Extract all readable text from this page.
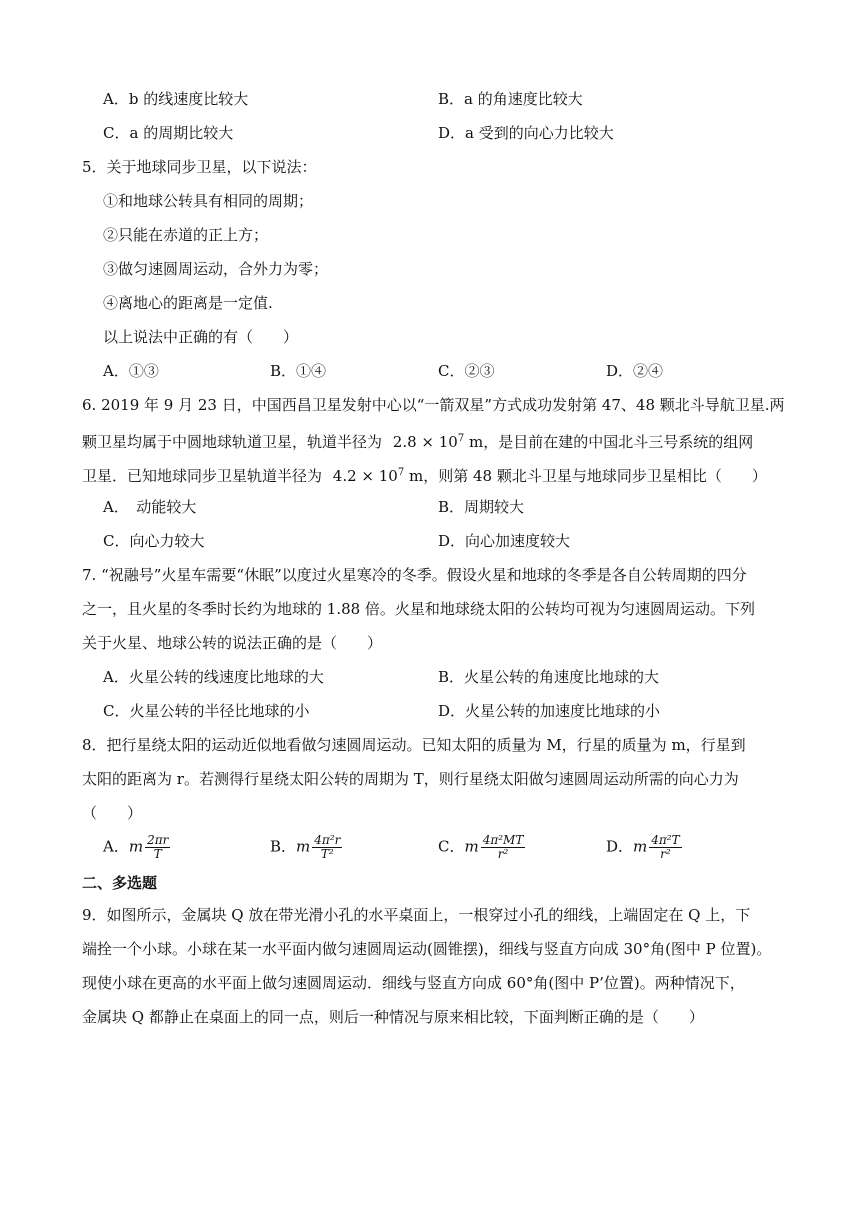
A．b 的线速度比较大	B．a 的角速度比较大
C．a 的周期比较大	D．a 受到的向心力比较大
5．关于地球同步卫星，以下说法：
①和地球公转具有相同的周期；
②只能在赤道的正上方；
③做匀速圆周运动，合外力为零；
④离地心的距离是一定值.
以上说法中正确的有（　　）
A．①③	B．①④	C．②③	D．②④
6. 2019 年 9 月 23 日，中国西昌卫星发射中心以“一箭双星”方式成功发射第 47、48 颗北斗导航卫星.两
颗卫星均属于中圆地球轨道卫星，轨道半径为 $2.8 \times 10^7$ m，是目前在建的中国北斗三号系统的组网
卫星．已知地球同步卫星轨道半径为 $4.2 \times 10^7$ m，则第 48 颗北斗卫星与地球同步卫星相比（　　）
A．　动能较大	B．周期较大
C．向心力较大	D．向心加速度较大
7. “祝融号”火星车需要“休眠”以度过火星寒冷的冬季。假设火星和地球的冬季是各自公转周期的四分
之一，且火星的冬季时长约为地球的 1.88 倍。火星和地球绕太阳的公转均可视为匀速圆周运动。下列
关于火星、地球公转的说法正确的是（　　）
A．火星公转的线速度比地球的大	B．火星公转的角速度比地球的大
C．火星公转的半径比地球的小	D．火星公转的加速度比地球的小
8．把行星绕太阳的运动近似地看做匀速圆周运动。已知太阳的质量为 M，行星的质量为 m，行星到
太阳的距离为 r。若测得行星绕太阳公转的周期为 T，则行星绕太阳做匀速圆周运动所需的向心力为
（　　）
A．m $\frac{2\pi r}{T}$	B．m $\frac{\text{4π²r}}{\text{T²}}$	C．m $\frac{\text{4π²MT}}{\text{r²}}$	D．m $\frac{\text{4π²T}}{\text{r²}}$
二、多选题
9．如图所示，金属块 Q 放在带光滑小孔的水平桌面上，一根穿过小孔的细线，上端固定在 Q 上，下
端拴一个小球。小球在某一水平面内做匀速圆周运动(圆锥摆)，细线与竖直方向成 30°角(图中 P 位置)。
现使小球在更高的水平面上做匀速圆周运动．细线与竖直方向成 60°角(图中 P’位置)。两种情况下，
金属块 Q 都静止在桌面上的同一点，则后一种情况与原来相比较，下面判断正确的是（　　）
